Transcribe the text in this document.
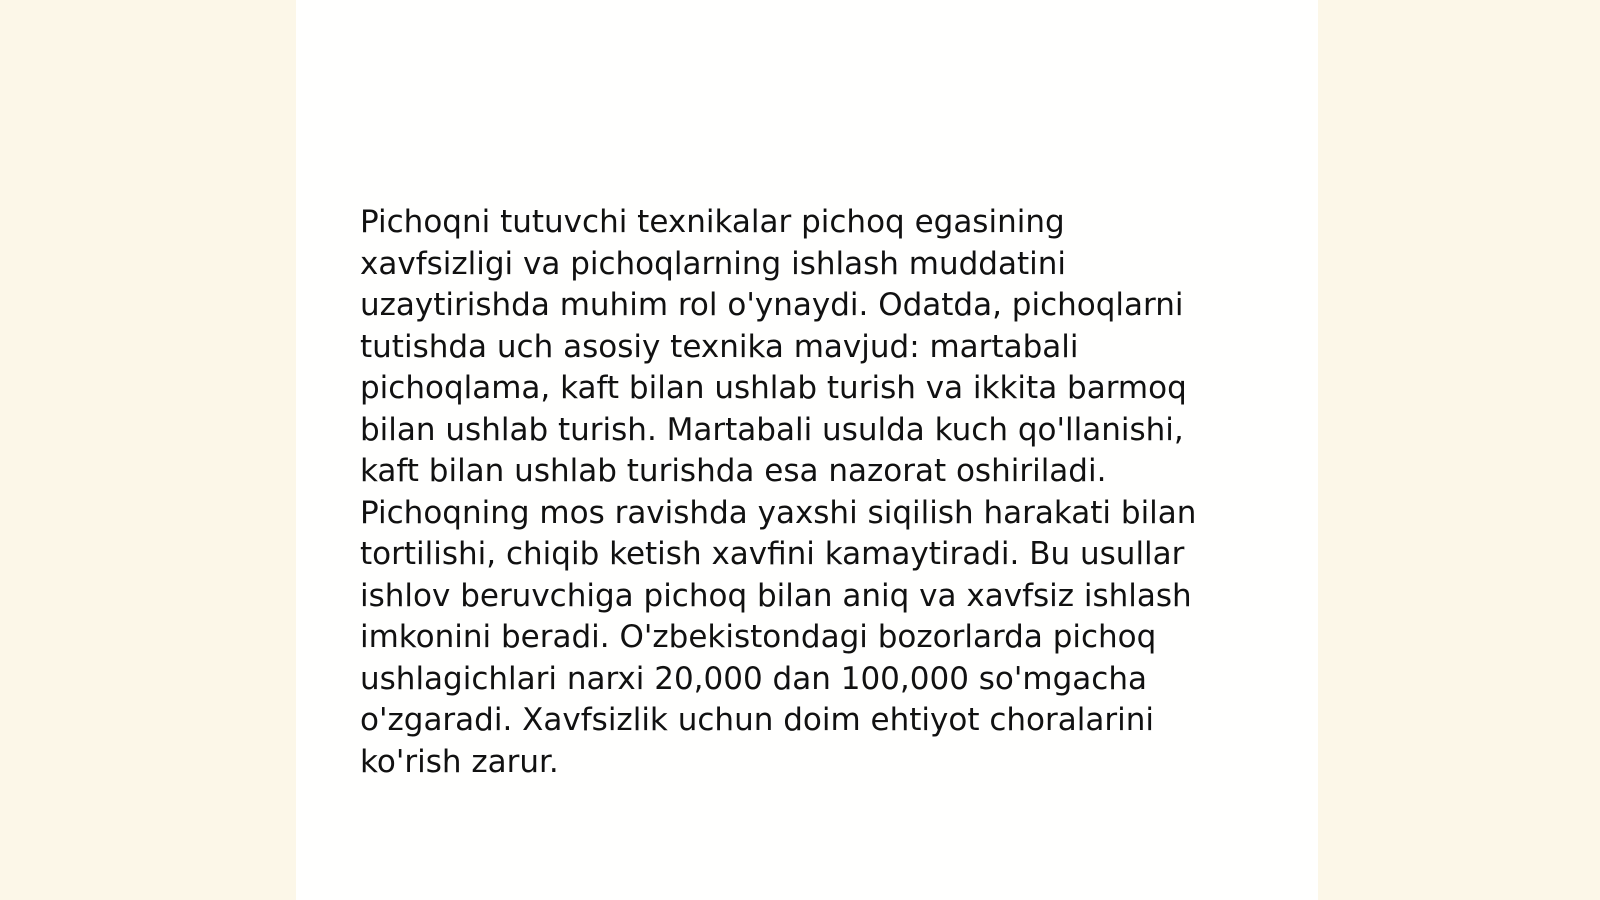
Pichoqni tutuvchi texnikalar pichoq egasining
xavfsizligi va pichoqlarning ishlash muddatini
uzaytirishda muhim rol o'ynaydi. Odatda, pichoqlarni
tutishda uch asosiy texnika mavjud: martabali
pichoqlama, kaft bilan ushlab turish va ikkita barmoq
bilan ushlab turish. Martabali usulda kuch qo'llanishi,
kaft bilan ushlab turishda esa nazorat oshiriladi.
Pichoqning mos ravishda yaxshi siqilish harakati bilan
tortilishi, chiqib ketish xavfini kamaytiradi. Bu usullar
ishlov beruvchiga pichoq bilan aniq va xavfsiz ishlash
imkonini beradi. O'zbekistondagi bozorlarda pichoq
ushlagichlari narxi 20,000 dan 100,000 so'mgacha
o'zgaradi. Xavfsizlik uchun doim ehtiyot choralarini
ko'rish zarur.
